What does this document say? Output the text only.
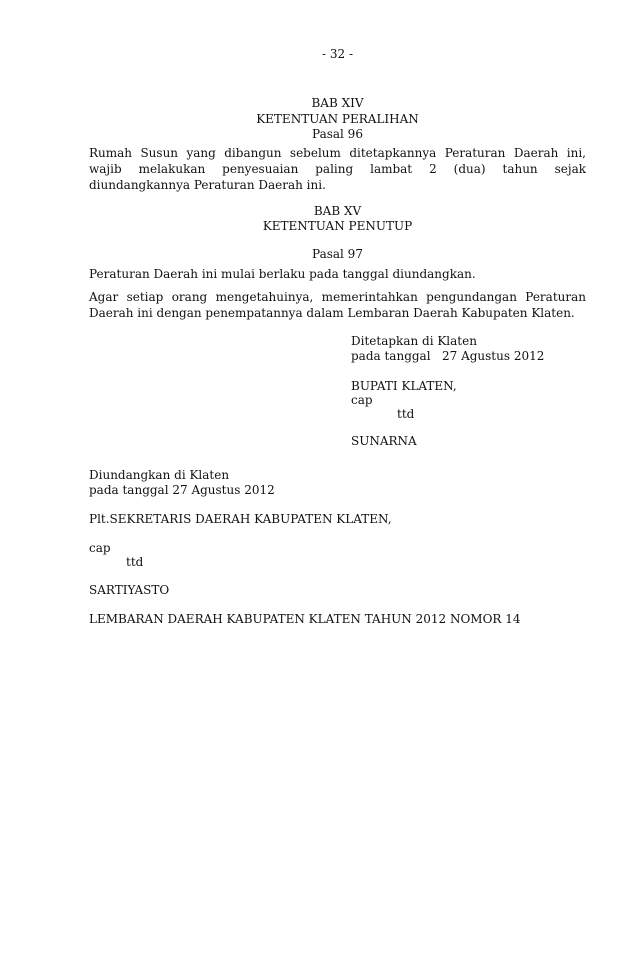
- 32 -
BAB XIV
KETENTUAN PERALIHAN
Pasal 96
Rumah Susun yang dibangun sebelum ditetapkannya Peraturan Daerah ini,
wajib melakukan penyesuaian paling lambat 2 (dua) tahun sejak
diundangkannya Peraturan Daerah ini.
BAB XV
KETENTUAN PENUTUP
Pasal 97
Peraturan Daerah ini mulai berlaku pada tanggal diundangkan.
Agar setiap orang mengetahuinya, memerintahkan pengundangan Peraturan
Daerah ini dengan penempatannya dalam Lembaran Daerah Kabupaten Klaten.
Ditetapkan di Klaten
pada tanggal   27 Agustus 2012
BUPATI KLATEN,
cap
ttd
SUNARNA
Diundangkan di Klaten
pada tanggal 27 Agustus 2012
Plt.SEKRETARIS DAERAH KABUPATEN KLATEN,
cap
ttd
SARTIYASTO
LEMBARAN DAERAH KABUPATEN KLATEN TAHUN 2012 NOMOR 14
